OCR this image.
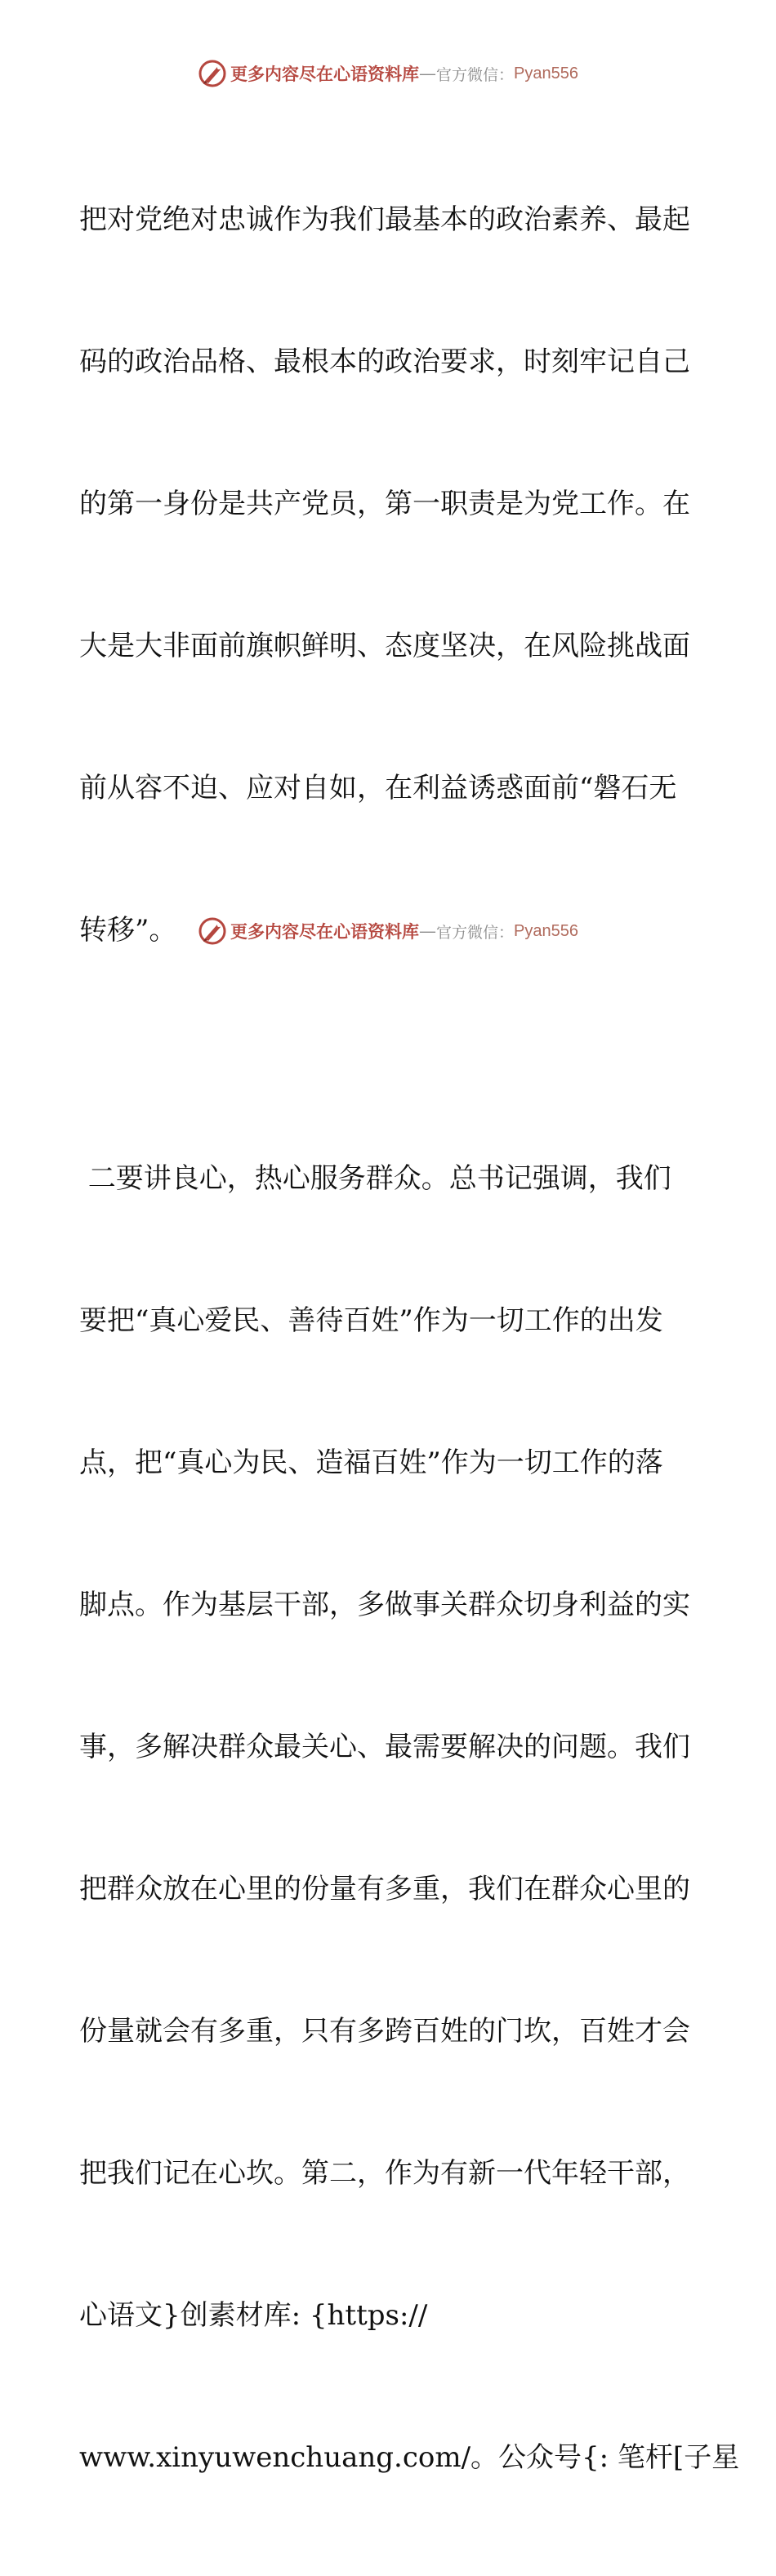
更多内容尽在心语资料库 — 官方微信： Pyan556

把对党绝对忠诚作为我们最基本的政治素养、最起

码的政治品格、最根本的政治要求，时刻牢记自己

的第一身份是共产党员，第一职责是为党工作。在

大是大非面前旗帜鲜明、态度坚决，在风险挑战面

前从容不迫、应对自如，在利益诱惑面前“磐石无

转移”。

二要讲良心，热心服务群众。总书记强调，我们

要把“真心爱民、善待百姓”作为一切工作的出发

点，把“真心为民、造福百姓”作为一切工作的落

脚点。作为基层干部，多做事关群众切身利益的实

事，多解决群众最关心、最需要解决的问题。我们

把群众放在心里的份量有多重，我们在群众心里的

份量就会有多重，只有多跨百姓的门坎，百姓才会

把我们记在心坎。第二，作为有新一代年轻干部，

心语文}创素材库: {https://

www.xinyuwenchuang.com/。公众号{: 笔杆[子星

更多内容尽在心语资料库 — 官方微信： Pyan556
